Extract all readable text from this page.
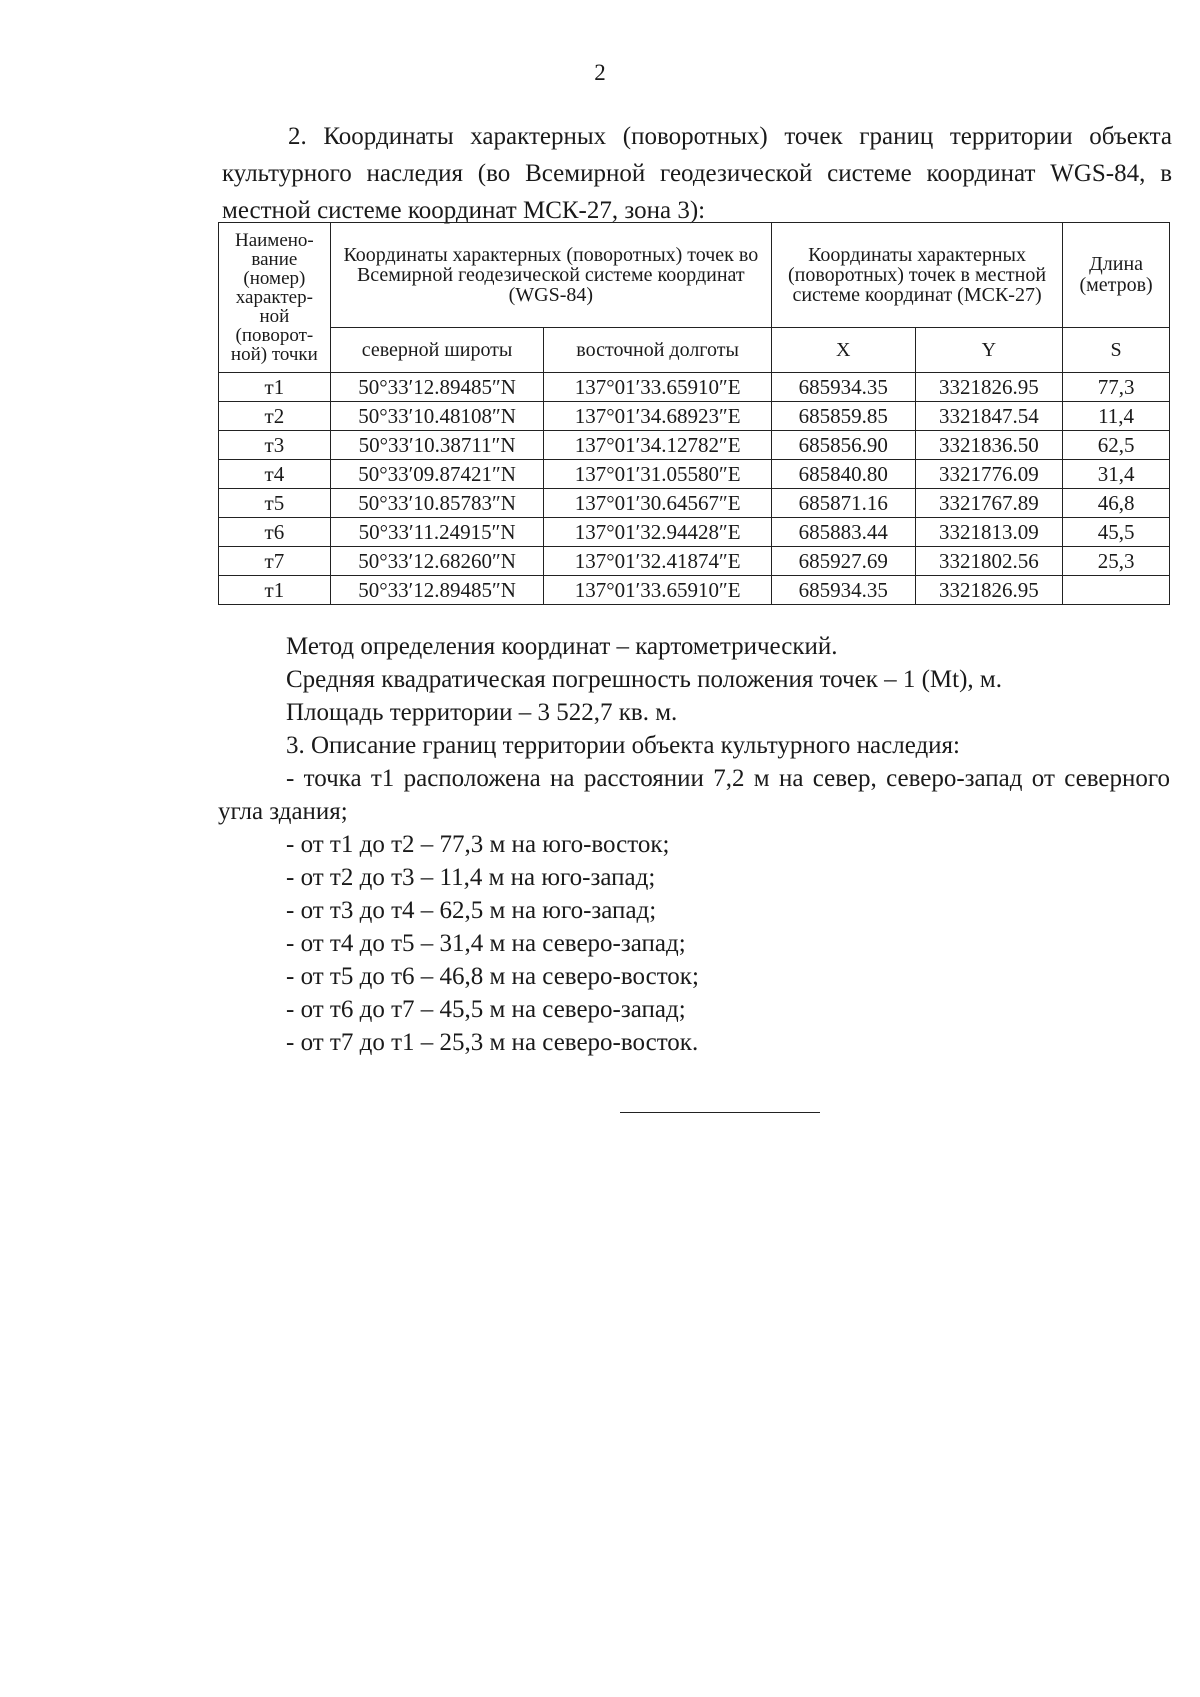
2

2. Координаты характерных (поворотных) точек границ территории объекта культурного наследия (во Всемирной геодезической системе координат WGS-84, в местной системе координат МСК-27, зона 3):

Наимено-вание (номер) характер-ной (поворот-ной) точки	Координаты характерных (поворотных) точек во Всемирной геодезической системе координат (WGS-84)		Координаты характерных (поворотных) точек в местной системе координат (МСК-27)		Длина (метров)
	северной широты	восточной долготы	X	Y	S
т1	50°33′12.89485″N	137°01′33.65910″E	685934.35	3321826.95	77,3
т2	50°33′10.48108″N	137°01′34.68923″E	685859.85	3321847.54	11,4
т3	50°33′10.38711″N	137°01′34.12782″E	685856.90	3321836.50	62,5
т4	50°33′09.87421″N	137°01′31.05580″E	685840.80	3321776.09	31,4
т5	50°33′10.85783″N	137°01′30.64567″E	685871.16	3321767.89	46,8
т6	50°33′11.24915″N	137°01′32.94428″E	685883.44	3321813.09	45,5
т7	50°33′12.68260″N	137°01′32.41874″E	685927.69	3321802.56	25,3
т1	50°33′12.89485″N	137°01′33.65910″E	685934.35	3321826.95	

Метод определения координат – картометрический.

Средняя квадратическая погрешность положения точек – 1 (Mt), м.

Площадь территории – 3 522,7 кв. м.

3. Описание границ территории объекта культурного наследия:

- точка т1 расположена на расстоянии 7,2 м на север, северо-запад от северного угла здания;

- от т1 до т2 – 77,3 м на юго-восток;

- от т2 до т3 – 11,4 м на юго-запад;

- от т3 до т4 – 62,5 м на юго-запад;

- от т4 до т5 – 31,4 м на северо-запад;

- от т5 до т6 – 46,8 м на северо-восток;

- от т6 до т7 – 45,5 м на северо-запад;

- от т7 до т1 – 25,3 м на северо-восток.
